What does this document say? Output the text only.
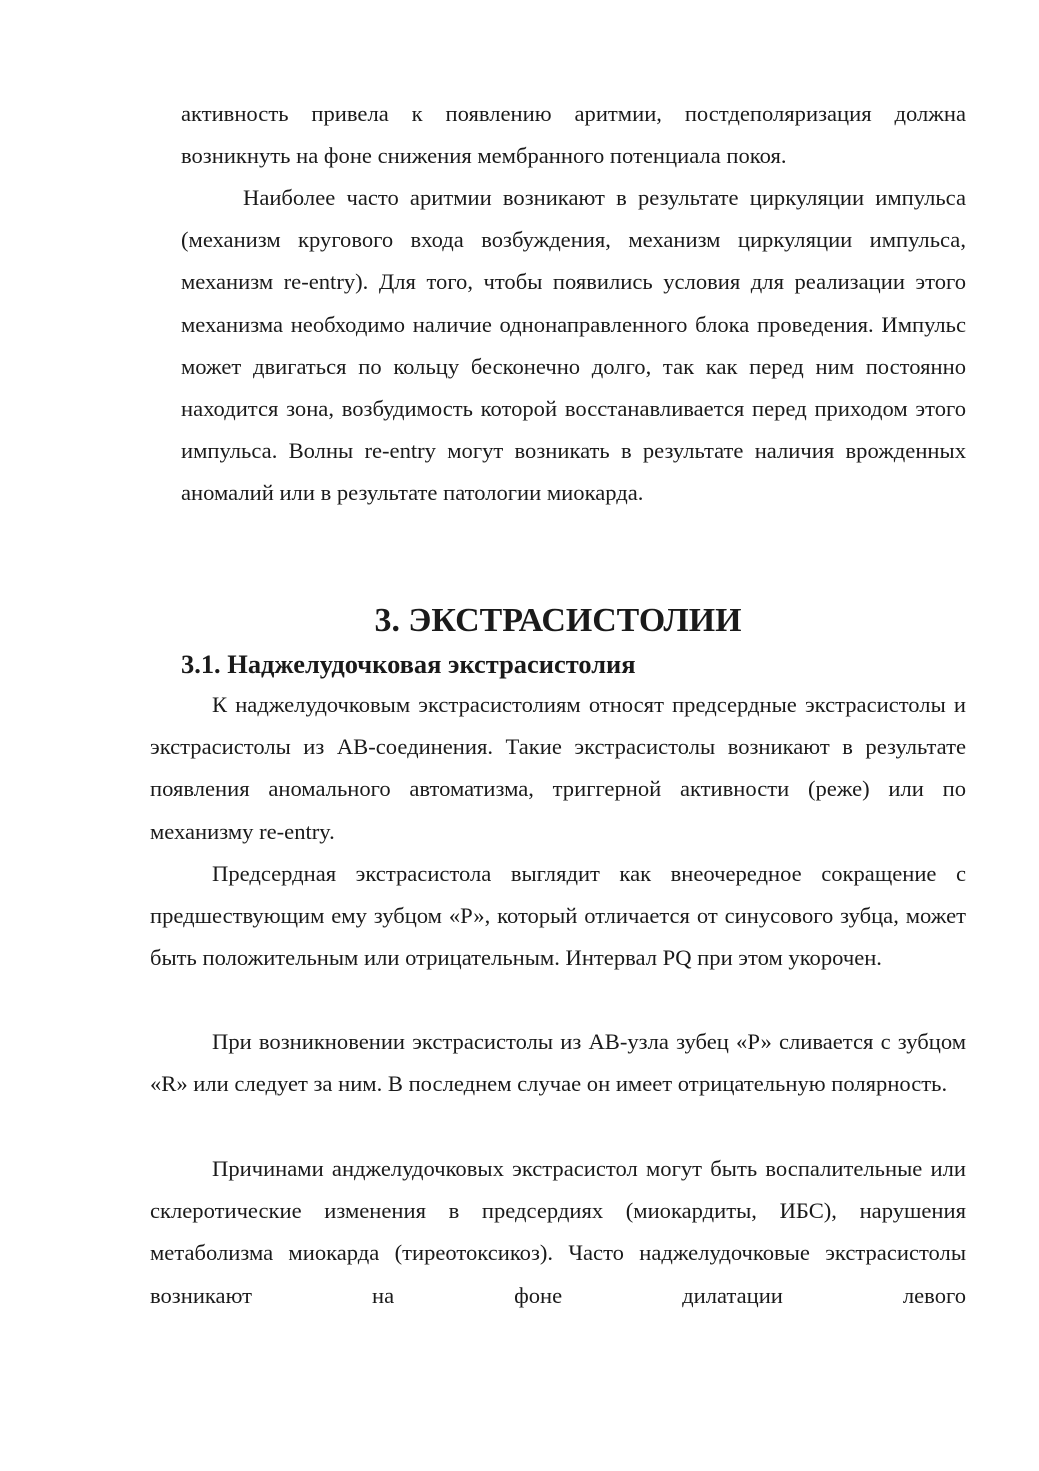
активность привела к появлению аритмии, постдеполяризация должна возникнуть на фоне снижения мембранного потенциала покоя.

Наиболее часто аритмии возникают в результате циркуляции импульса (механизм кругового входа возбуждения, механизм циркуляции импульса, механизм re-entry). Для того, чтобы появились условия для реализации этого механизма необходимо наличие однонаправленного блока проведения. Импульс может двигаться по кольцу бесконечно долго, так как перед ним постоянно находится зона, возбудимость которой восстанавливается перед приходом этого импульса. Волны re-entry могут возникать в результате наличия врожденных аномалий или в результате патологии миокарда.

3. ЭКСТРАСИСТОЛИИ
3.1. Наджелудочковая экстрасистолия

К наджелудочковым экстрасистолиям относят предсердные экстрасистолы и экстрасистолы из АВ-соединения. Такие экстрасистолы возникают в результате появления аномального автоматизма, триггерной активности (реже) или по механизму re-entry.

Предсердная экстрасистола выглядит как внеочередное сокращение с предшествующим ему зубцом «Р», который отличается от синусового зубца, может быть положительным или отрицательным. Интервал PQ при этом укорочен.

При возникновении экстрасистолы из АВ-узла зубец «Р» сливается с зубцом «R» или следует за ним. В последнем случае он имеет отрицательную полярность.

Причинами анджелудочковых экстрасистол могут быть воспалительные или склеротические изменения в предсердиях (миокардиты, ИБС), нарушения метаболизма миокарда (тиреотоксикоз). Часто наджелудочковые экстрасистолы возникают на фоне дилатации левого
